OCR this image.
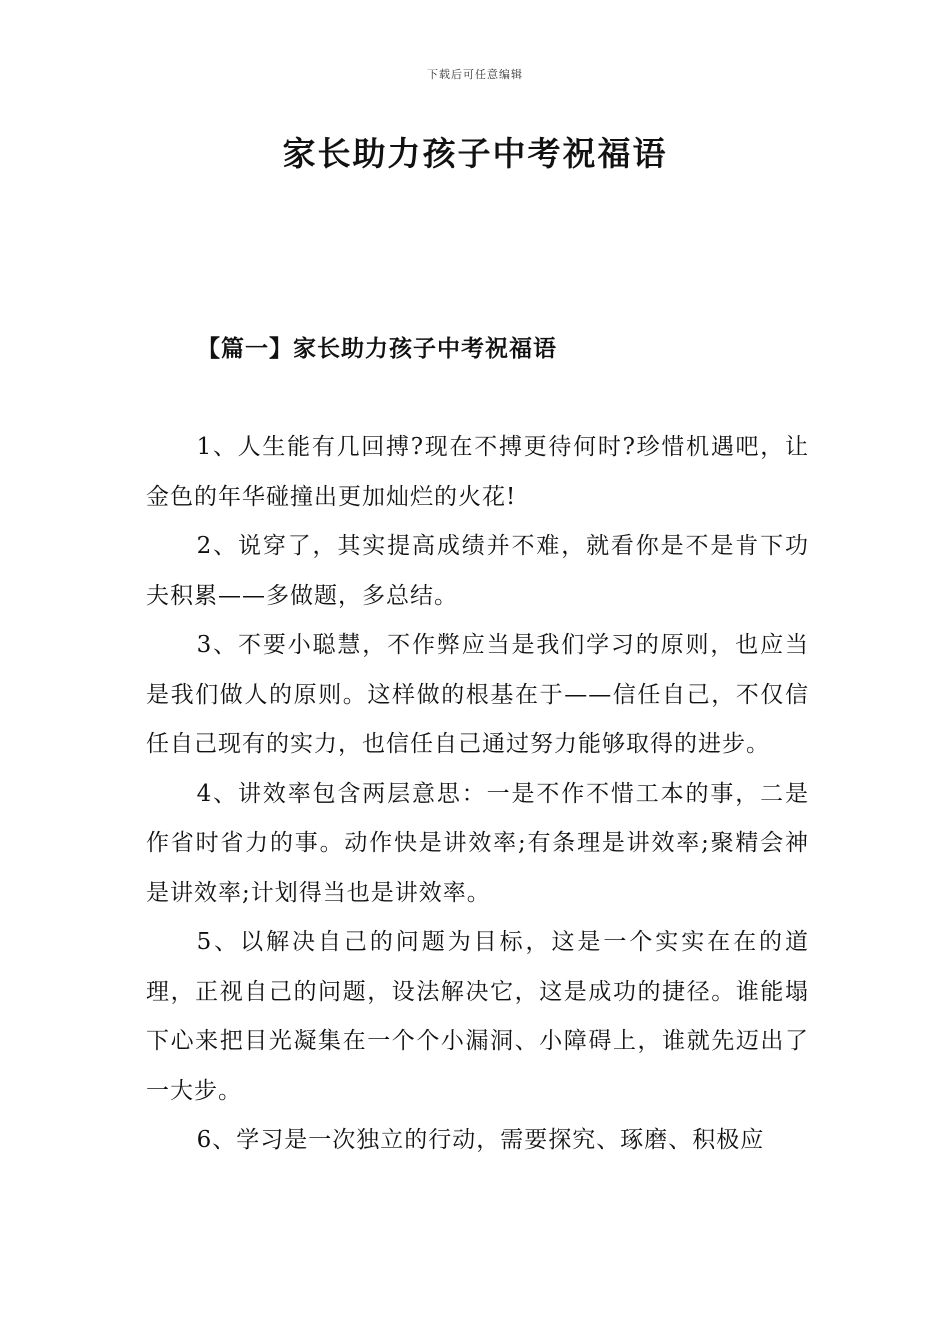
下载后可任意编辑
家长助力孩子中考祝福语
【篇一】家长助力孩子中考祝福语

1、人生能有几回搏?现在不搏更待何时?珍惜机遇吧，让金色的年华碰撞出更加灿烂的火花!

2、说穿了，其实提高成绩并不难，就看你是不是肯下功夫积累——多做题，多总结。

3、不要小聪慧，不作弊应当是我们学习的原则，也应当是我们做人的原则。这样做的根基在于——信任自己，不仅信任自己现有的实力，也信任自己通过努力能够取得的进步。

4、讲效率包含两层意思：一是不作不惜工本的事，二是作省时省力的事。动作快是讲效率;有条理是讲效率;聚精会神是讲效率;计划得当也是讲效率。

5、以解决自己的问题为目标，这是一个实实在在的道理，正视自己的问题，设法解决它，这是成功的捷径。谁能塌下心来把目光凝集在一个个小漏洞、小障碍上，谁就先迈出了一大步。

6、学习是一次独立的行动，需要探究、琢磨、积极应
